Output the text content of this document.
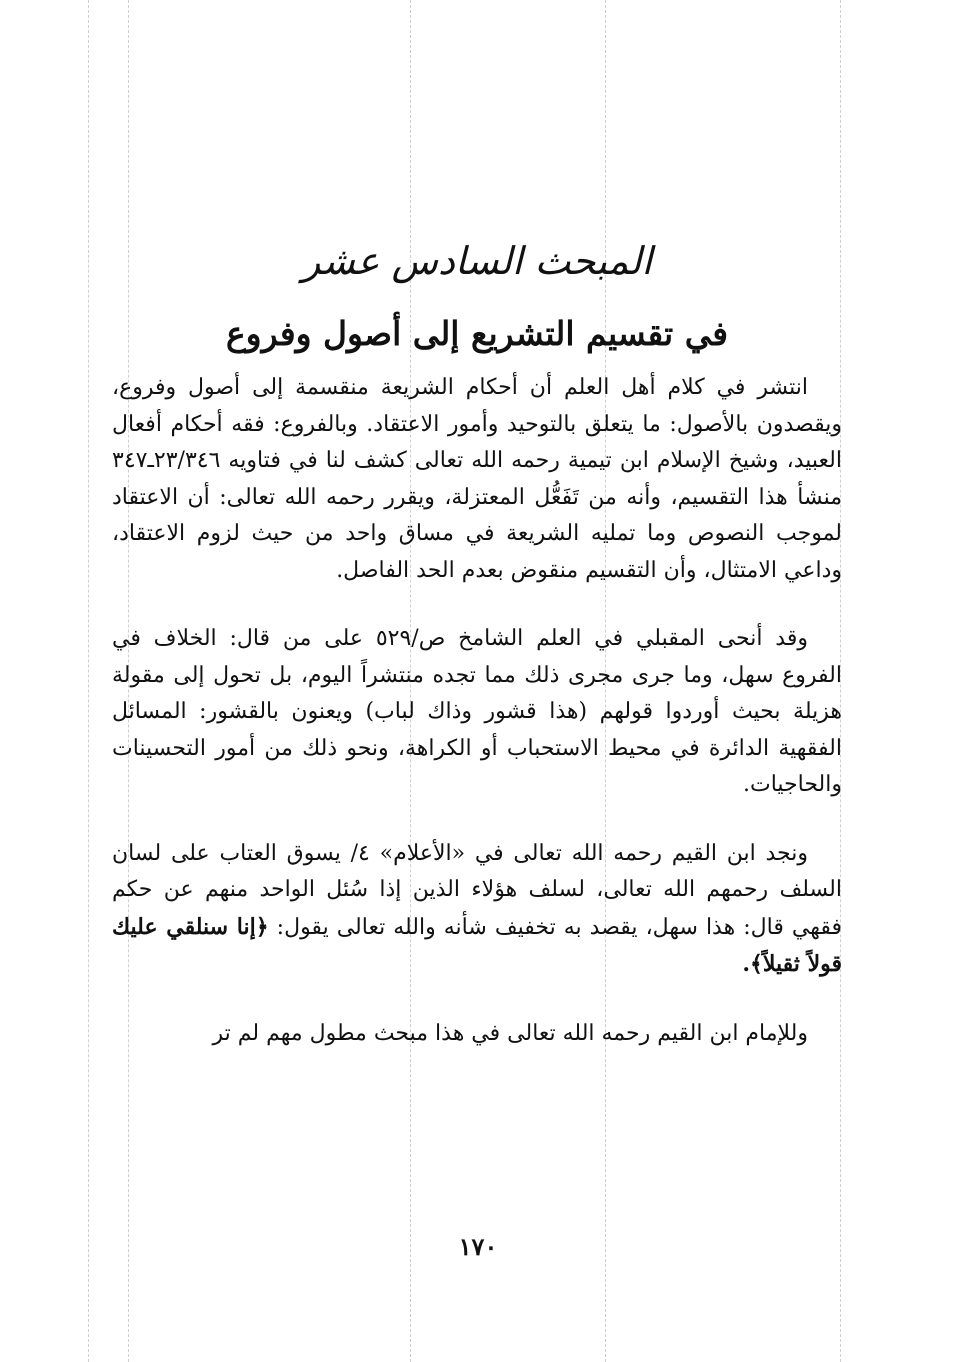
المبحث السادس عشر
في تقسيم التشريع إلى أصول وفروع

انتشر في كلام أهل العلم أن أحكام الشريعة منقسمة إلى أصول وفروع، ويقصدون بالأصول: ما يتعلق بالتوحيد وأمور الاعتقاد. وبالفروع: فقه أحكام أفعال العبيد، وشيخ الإسلام ابن تيمية رحمه الله تعالى كشف لنا في فتاويه ٢٣/٣٤٦ـ٣٤٧ منشأ هذا التقسيم، وأنه من تَفَعُّل المعتزلة، ويقرر رحمه الله تعالى: أن الاعتقاد لموجب النصوص وما تمليه الشريعة في مساق واحد من حيث لزوم الاعتقاد، وداعي الامتثال، وأن التقسيم منقوض بعدم الحد الفاصل.

وقد أنحى المقبلي في العلم الشامخ ص/٥٢٩ على من قال: الخلاف في الفروع سهل، وما جرى مجرى ذلك مما تجده منتشراً اليوم، بل تحول إلى مقولة هزيلة بحيث أوردوا قولهم (هذا قشور وذاك لباب) ويعنون بالقشور: المسائل الفقهية الدائرة في محيط الاستحباب أو الكراهة، ونحو ذلك من أمور التحسينات والحاجيات.

ونجد ابن القيم رحمه الله تعالى في «الأعلام» ٤/ يسوق العتاب على لسان السلف رحمهم الله تعالى، لسلف هؤلاء الذين إذا سُئل الواحد منهم عن حكم فقهي قال: هذا سهل، يقصد به تخفيف شأنه والله تعالى يقول: ﴿إنا سنلقي عليك قولاً ثقيلاً﴾.

وللإمام ابن القيم رحمه الله تعالى في هذا مبحث مطول مهم لم تر

١٧٠
